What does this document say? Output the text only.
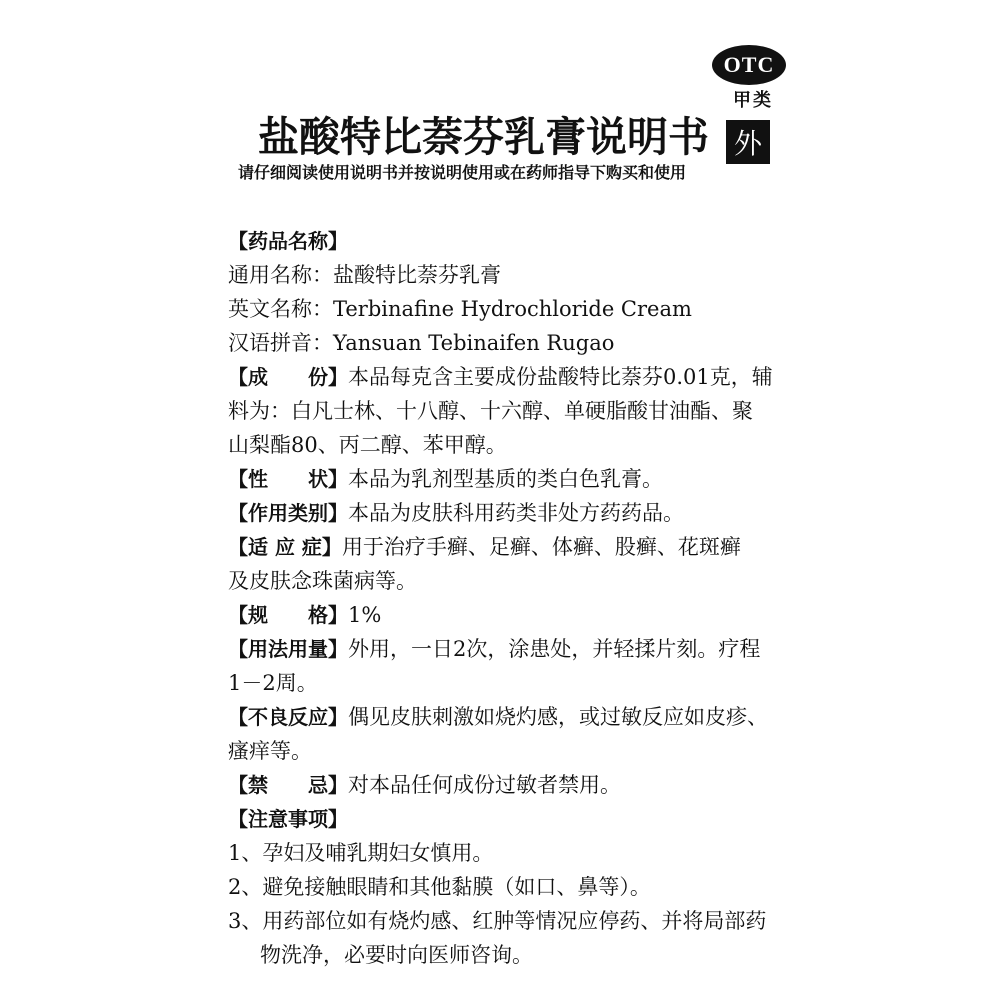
OTC
甲类
外
盐酸特比萘芬乳膏说明书
请仔细阅读使用说明书并按说明使用或在药师指导下购买和使用
【药品名称】
通用名称：盐酸特比萘芬乳膏
英文名称：Terbinafine Hydrochloride Cream
汉语拼音：Yansuan Tebinaifen Rugao
【成　　份】本品每克含主要成份盐酸特比萘芬0.01克，辅
料为：白凡士林、十八醇、十六醇、单硬脂酸甘油酯、聚
山梨酯80、丙二醇、苯甲醇。
【性　　状】本品为乳剂型基质的类白色乳膏。
【作用类别】本品为皮肤科用药类非处方药药品。
【适 应 症】用于治疗手癣、足癣、体癣、股癣、花斑癣
及皮肤念珠菌病等。
【规　　格】1%
【用法用量】外用，一日2次，涂患处，并轻揉片刻。疗程
1－2周。
【不良反应】偶见皮肤刺激如烧灼感，或过敏反应如皮疹、
瘙痒等。
【禁　　忌】对本品任何成份过敏者禁用。
【注意事项】
1、孕妇及哺乳期妇女慎用。
2、避免接触眼睛和其他黏膜（如口、鼻等）。
3、用药部位如有烧灼感、红肿等情况应停药、并将局部药
物洗净，必要时向医师咨询。
